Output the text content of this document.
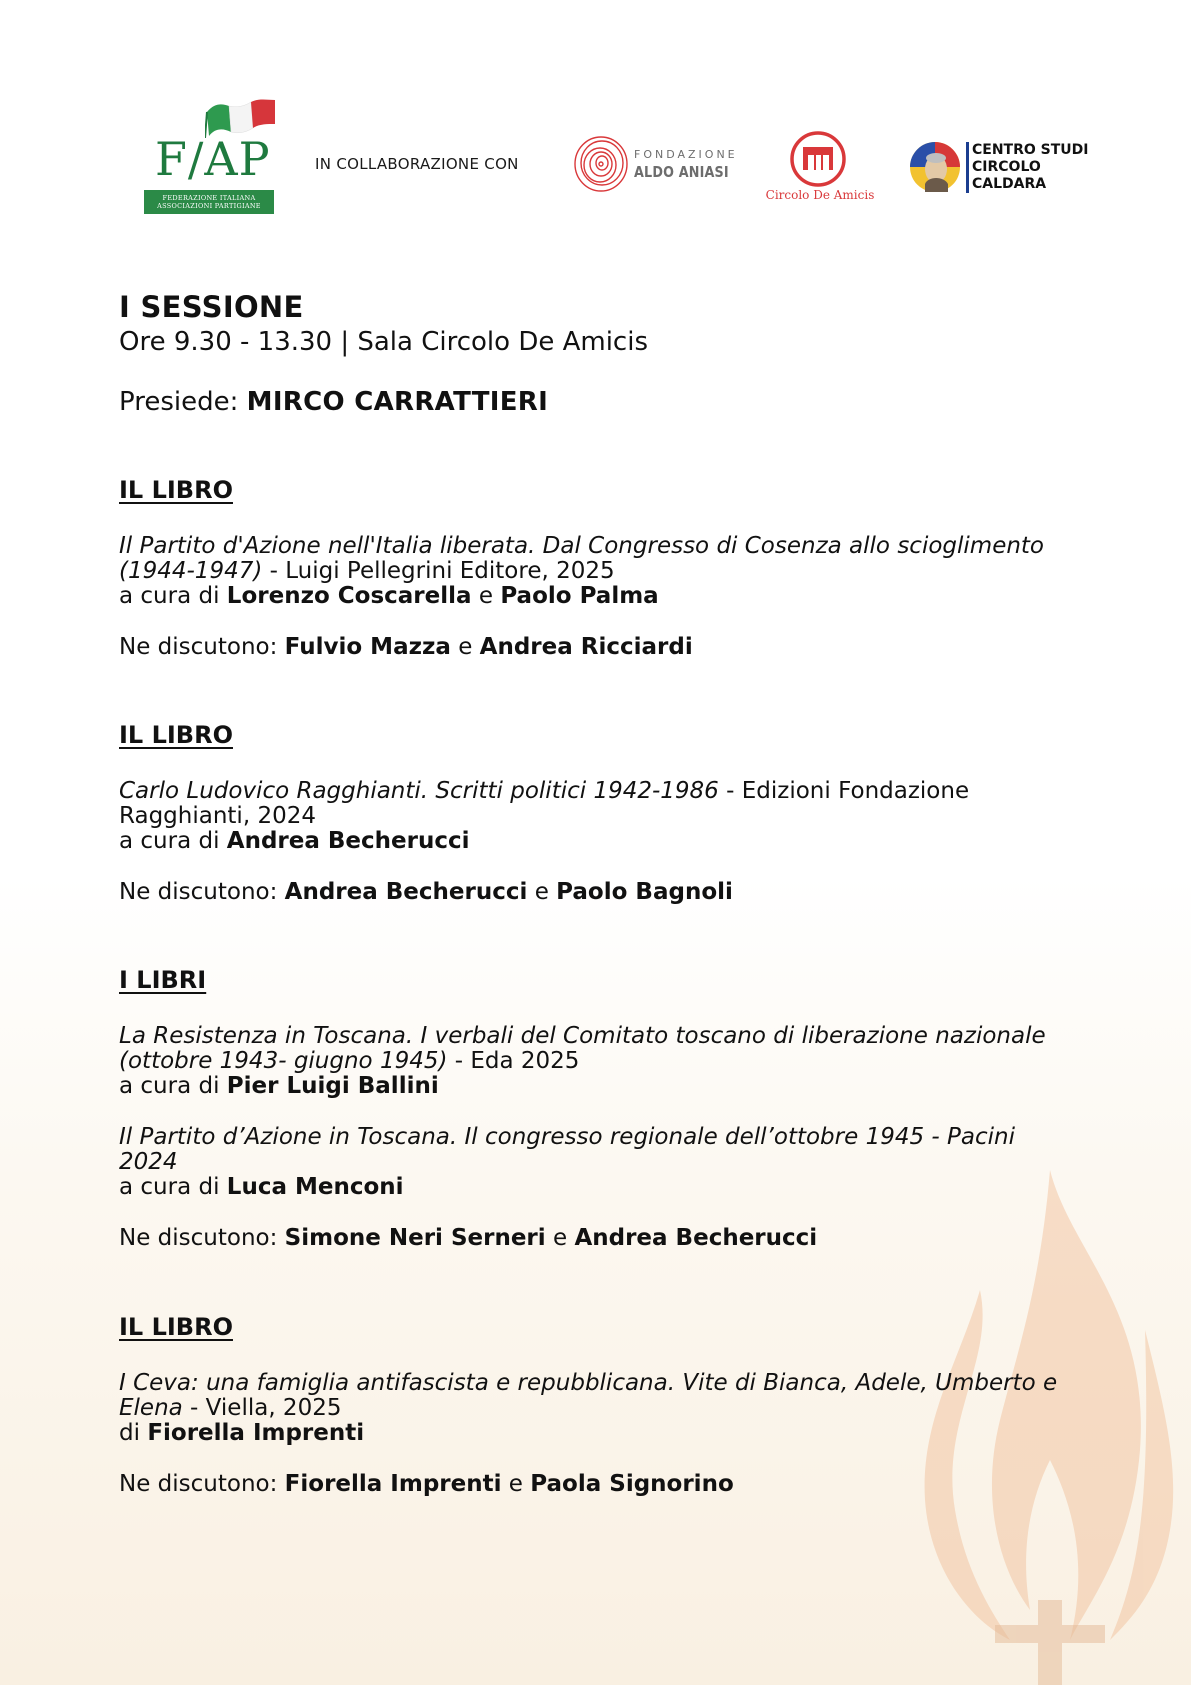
F/AP
FEDERAZIONE ITALIANA
ASSOCIAZIONI PARTIGIANE
IN COLLABORAZIONE CON
FONDAZIONE
ALDO ANIASI
Circolo De Amicis
CENTRO STUDI
CIRCOLO
CALDARA
I SESSIONE
Ore 9.30 - 13.30 | Sala Circolo De Amicis
Presiede: MIRCO CARRATTIERI
IL LIBRO
Il Partito d'Azione nell'Italia liberata. Dal Congresso di Cosenza allo scioglimento (1944-1947) - Luigi Pellegrini Editore, 2025
a cura di Lorenzo Coscarella e Paolo Palma
Ne discutono: Fulvio Mazza e Andrea Ricciardi
IL LIBRO
Carlo Ludovico Ragghianti. Scritti politici 1942-1986 - Edizioni Fondazione Ragghianti, 2024
a cura di Andrea Becherucci
Ne discutono: Andrea Becherucci e Paolo Bagnoli
I LIBRI
La Resistenza in Toscana. I verbali del Comitato toscano di liberazione nazionale (ottobre 1943- giugno 1945) - Eda 2025
a cura di Pier Luigi Ballini
Il Partito d’Azione in Toscana. Il congresso regionale dell’ottobre 1945 - Pacini 2024
a cura di Luca Menconi
Ne discutono: Simone Neri Serneri e Andrea Becherucci
IL LIBRO
I Ceva: una famiglia antifascista e repubblicana. Vite di Bianca, Adele, Umberto e Elena - Viella, 2025
di Fiorella Imprenti
Ne discutono: Fiorella Imprenti e Paola Signorino
